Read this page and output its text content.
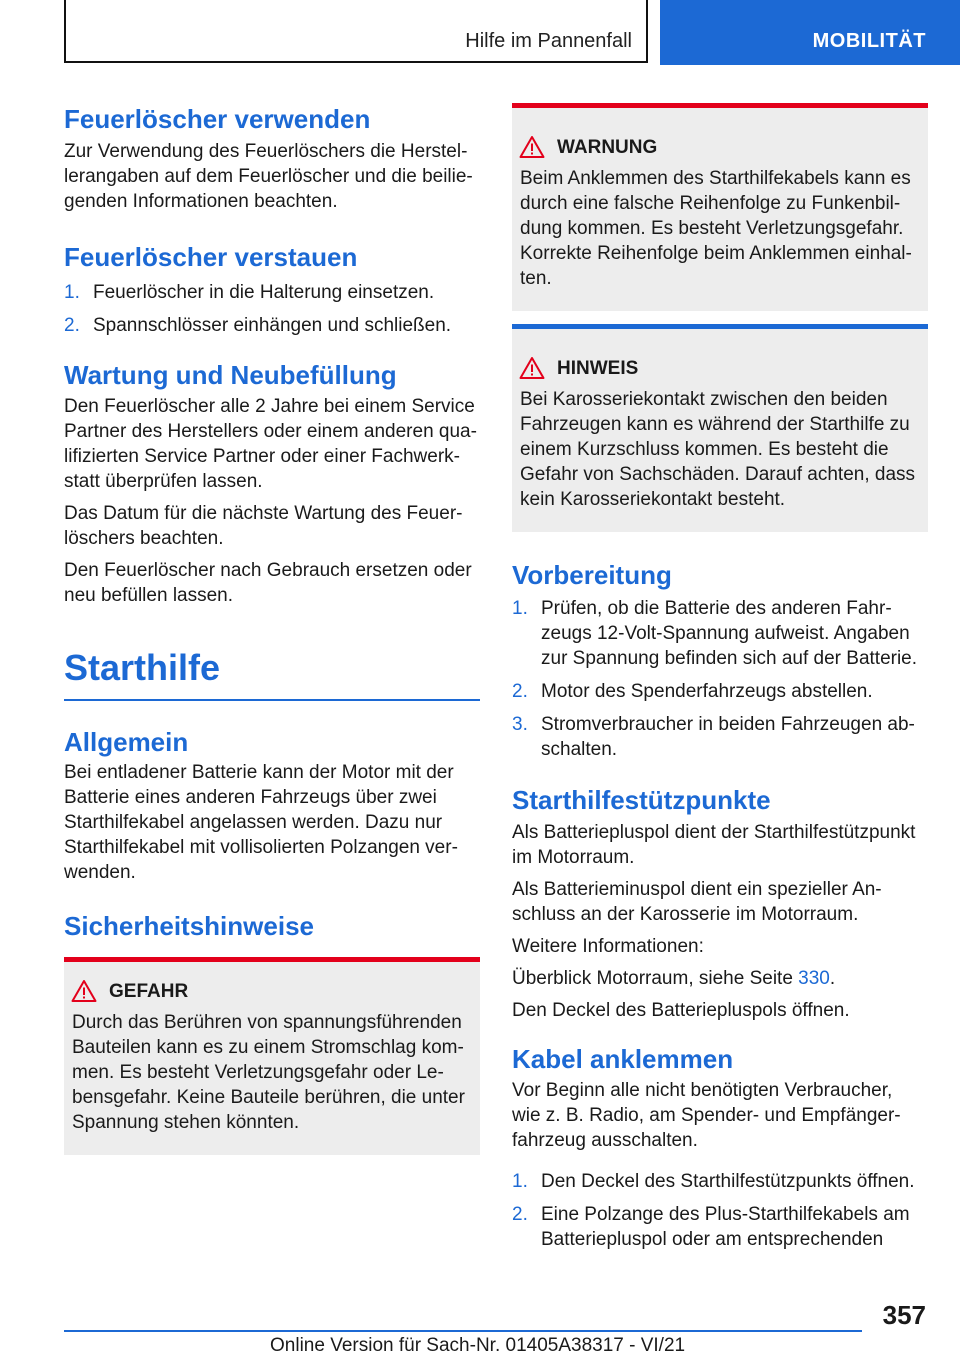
Hilfe im Pannenfall	MOBILITÄT
Feuerlöscher verwenden
Zur Verwendung des Feuerlöschers die Herstel-
lerangaben auf dem Feuerlöscher und die beilie-
genden Informationen beachten.
Feuerlöscher verstauen
1. Feuerlöscher in die Halterung einsetzen.
2. Spannschlösser einhängen und schließen.
Wartung und Neubefüllung
Den Feuerlöscher alle 2 Jahre bei einem Service
Partner des Herstellers oder einem anderen qua-
lifizierten Service Partner oder einer Fachwerk-
statt überprüfen lassen.
Das Datum für die nächste Wartung des Feuer-
löschers beachten.
Den Feuerlöscher nach Gebrauch ersetzen oder
neu befüllen lassen.
Starthilfe
Allgemein
Bei entladener Batterie kann der Motor mit der
Batterie eines anderen Fahrzeugs über zwei
Starthilfekabel angelassen werden. Dazu nur
Starthilfekabel mit vollisolierten Polzangen ver-
wenden.
Sicherheitshinweise
GEFAHR
Durch das Berühren von spannungsführenden
Bauteilen kann es zu einem Stromschlag kom-
men. Es besteht Verletzungsgefahr oder Le-
bensgefahr. Keine Bauteile berühren, die unter
Spannung stehen könnten.
WARNUNG
Beim Anklemmen des Starthilfekabels kann es
durch eine falsche Reihenfolge zu Funkenbil-
dung kommen. Es besteht Verletzungsgefahr.
Korrekte Reihenfolge beim Anklemmen einhal-
ten.
HINWEIS
Bei Karosseriekontakt zwischen den beiden
Fahrzeugen kann es während der Starthilfe zu
einem Kurzschluss kommen. Es besteht die
Gefahr von Sachschäden. Darauf achten, dass
kein Karosseriekontakt besteht.
Vorbereitung
1. Prüfen, ob die Batterie des anderen Fahr-
zeugs 12-Volt-Spannung aufweist. Angaben
zur Spannung befinden sich auf der Batterie.
2. Motor des Spenderfahrzeugs abstellen.
3. Stromverbraucher in beiden Fahrzeugen ab-
schalten.
Starthilfestützpunkte
Als Batteriepluspol dient der Starthilfestützpunkt
im Motorraum.
Als Batterieminuspol dient ein spezieller An-
schluss an der Karosserie im Motorraum.
Weitere Informationen:
Überblick Motorraum, siehe Seite 330.
Den Deckel des Batteriepluspols öffnen.
Kabel anklemmen
Vor Beginn alle nicht benötigten Verbraucher,
wie z. B. Radio, am Spender- und Empfänger-
fahrzeug ausschalten.
1. Den Deckel des Starthilfestützpunkts öffnen.
2. Eine Polzange des Plus-Starthilfekabels am
Batteriepluspol oder am entsprechenden
357
Online Version für Sach-Nr. 01405A38317 - VI/21
